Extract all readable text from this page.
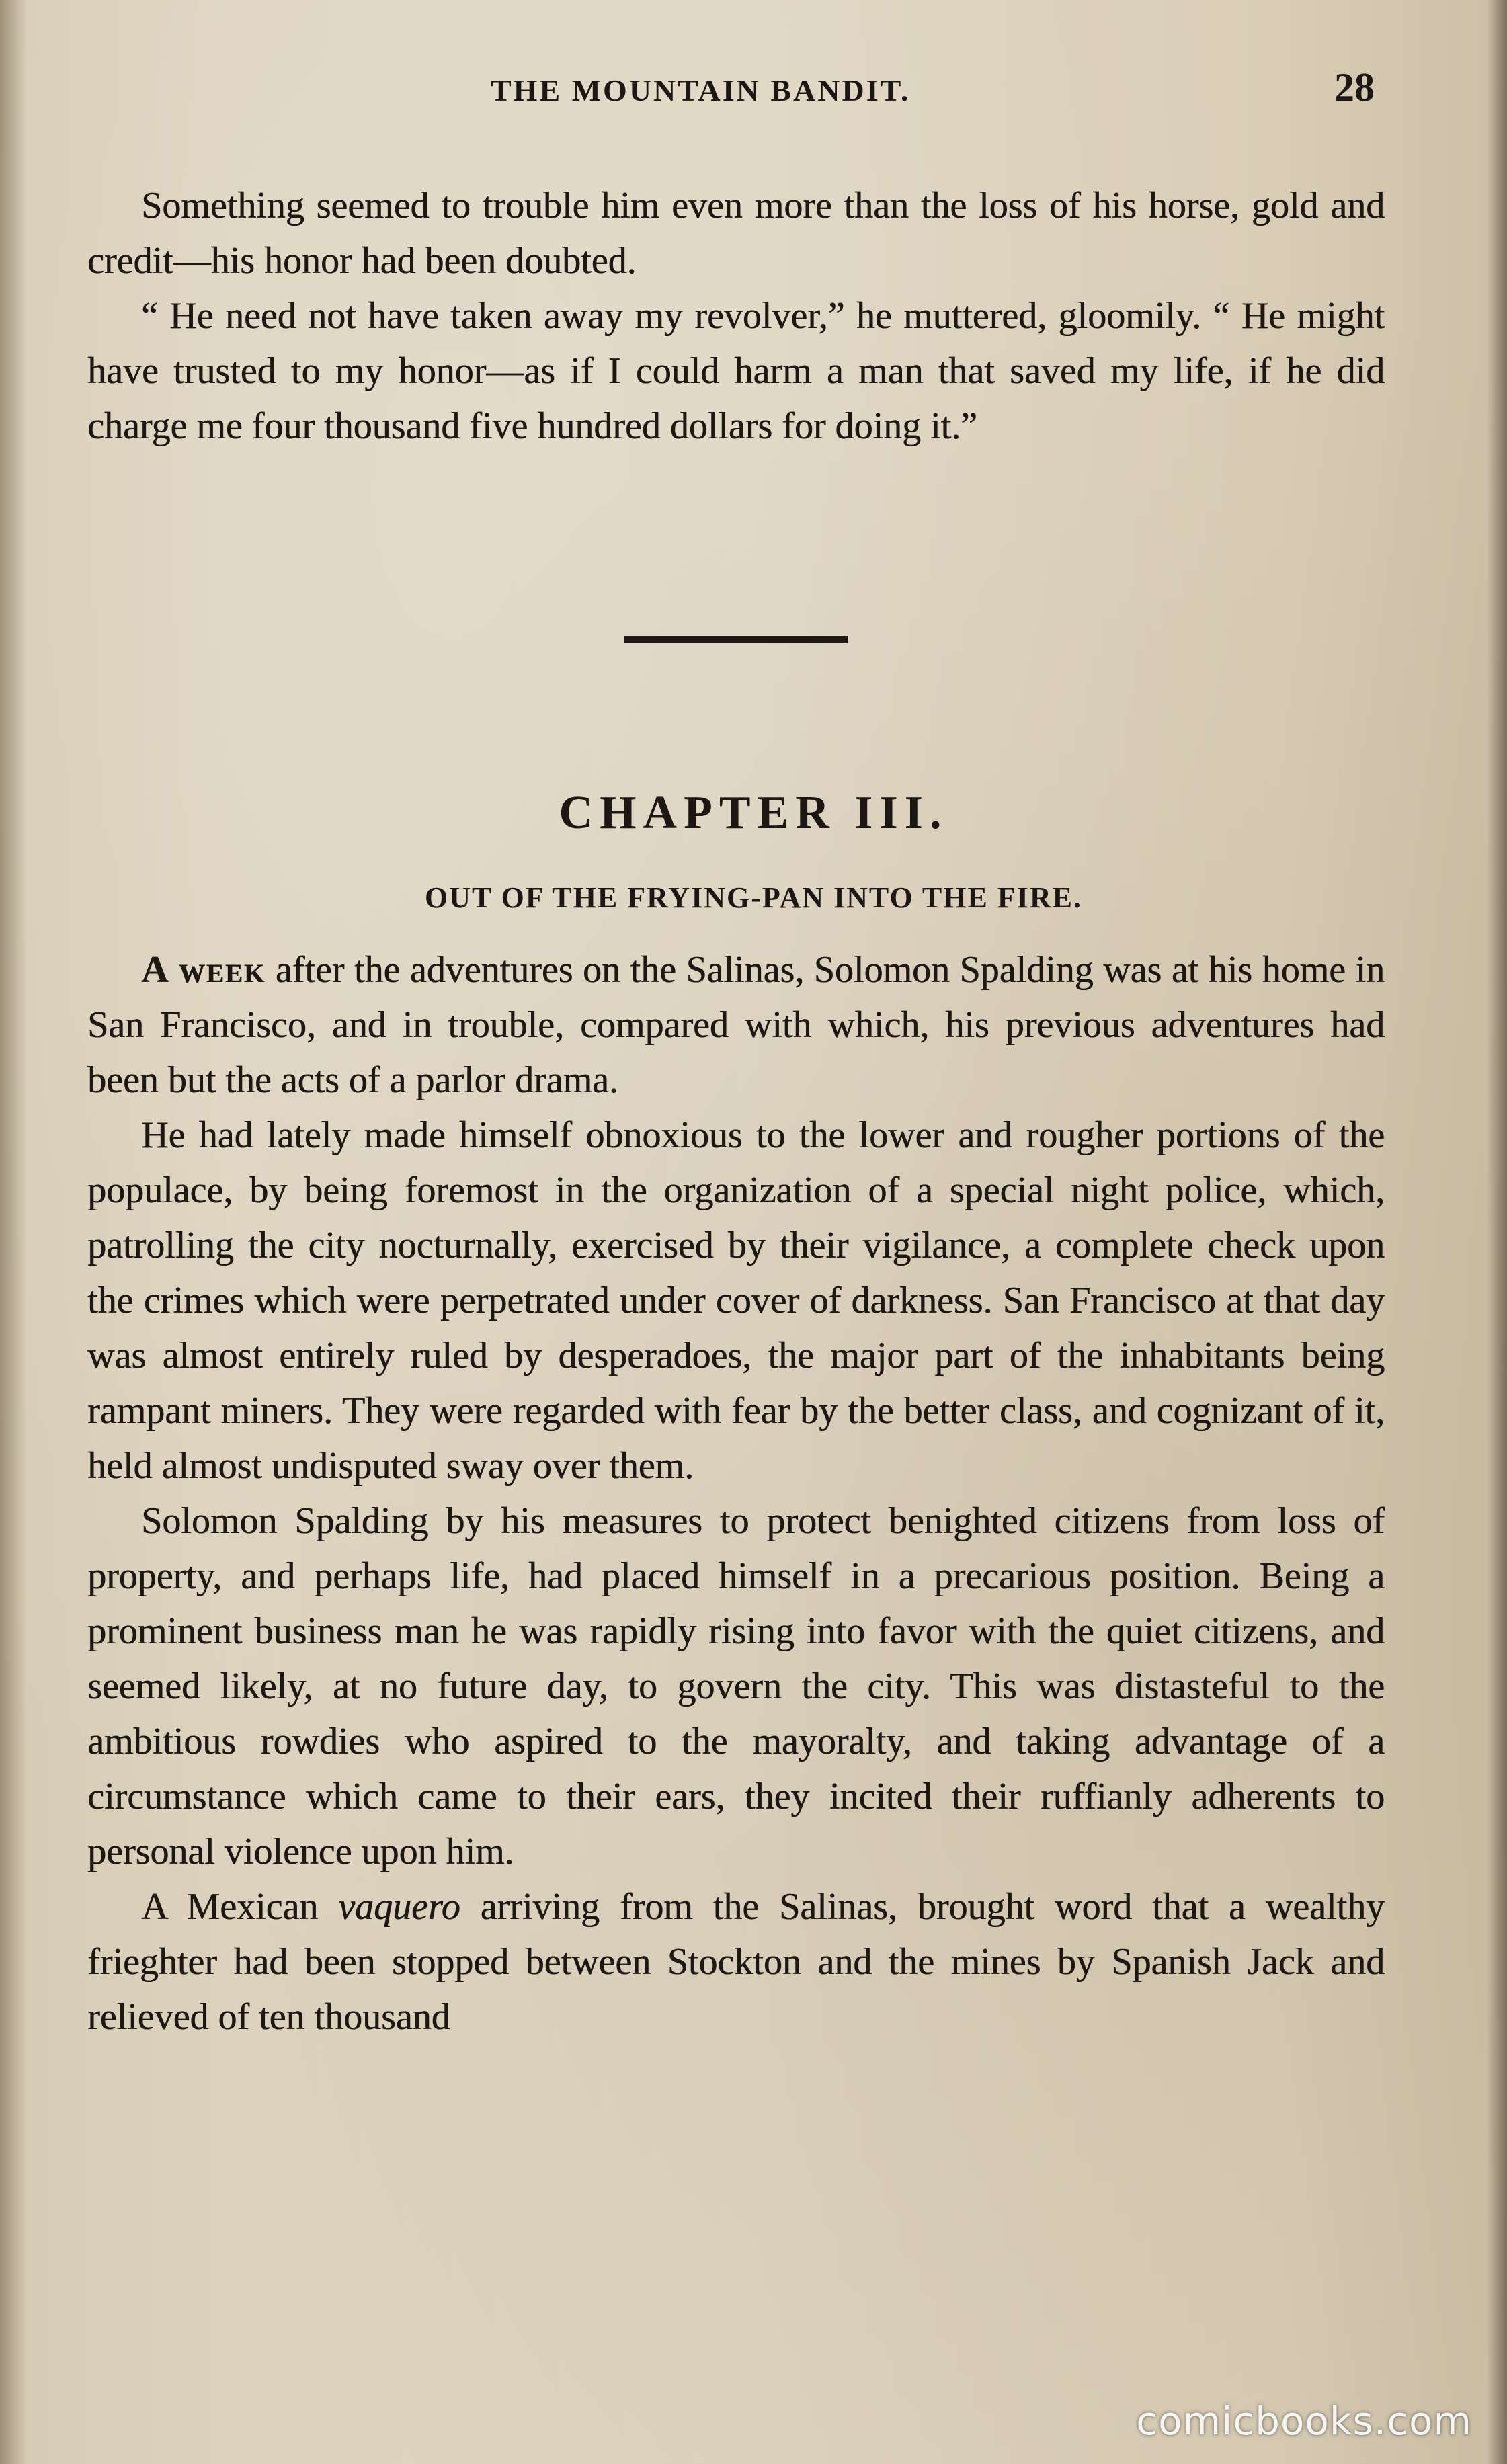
THE MOUNTAIN BANDIT.	28

Something seemed to trouble him even more than the loss of his horse, gold and credit—his honor had been doubted.

“ He need not have taken away my revolver,” he muttered, gloomily. “ He might have trusted to my honor—as if I could harm a man that saved my life, if he did charge me four thousand five hundred dollars for doing it.”

CHAPTER III.
OUT OF THE FRYING-PAN INTO THE FIRE.

A week after the adventures on the Salinas, Solomon Spalding was at his home in San Francisco, and in trouble, compared with which, his previous adventures had been but the acts of a parlor drama.

He had lately made himself obnoxious to the lower and rougher portions of the populace, by being foremost in the organization of a special night police, which, patrolling the city nocturnally, exercised by their vigilance, a complete check upon the crimes which were perpetrated under cover of darkness. San Francisco at that day was almost entirely ruled by desperadoes, the major part of the inhabitants being rampant miners. They were regarded with fear by the better class, and cognizant of it, held almost undisputed sway over them.

Solomon Spalding by his measures to protect benighted citizens from loss of property, and perhaps life, had placed himself in a precarious position. Being a prominent business man he was rapidly rising into favor with the quiet citizens, and seemed likely, at no future day, to govern the city. This was distasteful to the ambitious rowdies who aspired to the mayoralty, and taking advantage of a circumstance which came to their ears, they incited their ruffianly adherents to personal violence upon him.

A Mexican vaquero arriving from the Salinas, brought word that a wealthy frieghter had been stopped between Stockton and the mines by Spanish Jack and relieved of ten thousand

comicbooks.com
